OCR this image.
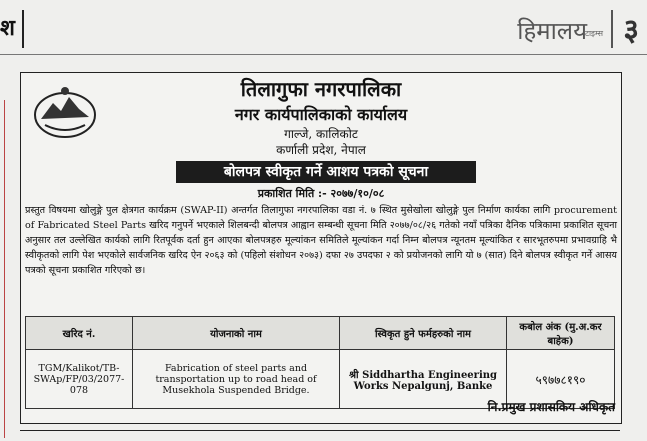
श	हिमालय
टाइम्स ३
तिलागुफा नगरपालिका
नगर कार्यपालिकाको कार्यालय
गाल्जे, कालिकोट
कर्णाली प्रदेश, नेपाल
बोलपत्र स्वीकृत गर्ने आशय पत्रको सूचना
प्रकाशित मिति :- २०७७/१०/०८
प्रस्तुत विषयमा खोलुङ्गे पुल क्षेत्रगत कार्यक्रम (SWAP-II) अन्तर्गत तिलागुफा नगरपालिका वडा नं. ७ स्थित मुसेखोला खोलुङ्गे पुल निर्माण कार्यका लागि procurement of Fabricated Steel Parts खरिद गनुपर्ने भएकाले शिलबन्दी बोलपत्र आह्वान सम्बन्धी सूचना मिति २०७७/०८/२६ गतेको नयाँ पत्रिका दैनिक पत्रिकामा प्रकाशित सूचना अनुसार तल उल्लेखित कार्यको लागि रितपूर्वक दर्ता हुन आएका बोलपत्रहरु मूल्यांकन समितिले मूल्यांकन गर्दा निम्न बोलपत्र न्यूनतम मूल्यांकित र सारभूतरुपमा प्रभावग्राहि भै स्वीकृतको लागि पेश भएकोले सार्वजनिक खरिद ऐन २०६३ को (पहिलो संशोधन २०७३) दफा २७ उपदफा २ को प्रयोजनको लागि यो ७ (सात) दिने बोलपत्र स्वीकृत गर्ने आसय पत्रको सूचना प्रकाशित गरिएको छ।
खरिद नं.	योजनाको नाम	स्विकृत हुने फर्महरुको नाम	कबोल अंक (मु.अ.कर बाहेक)
TGM/Kalikot/TB-SWAp/FP/03/2077-078	Fabrication of steel parts and transportation up to road head of Musekhola Suspended Bridge.	श्री Siddhartha Engineering Works Nepalgunj, Banke	५९७७८१९०
नि.प्रमुख प्रशासकिय अधिकृत
